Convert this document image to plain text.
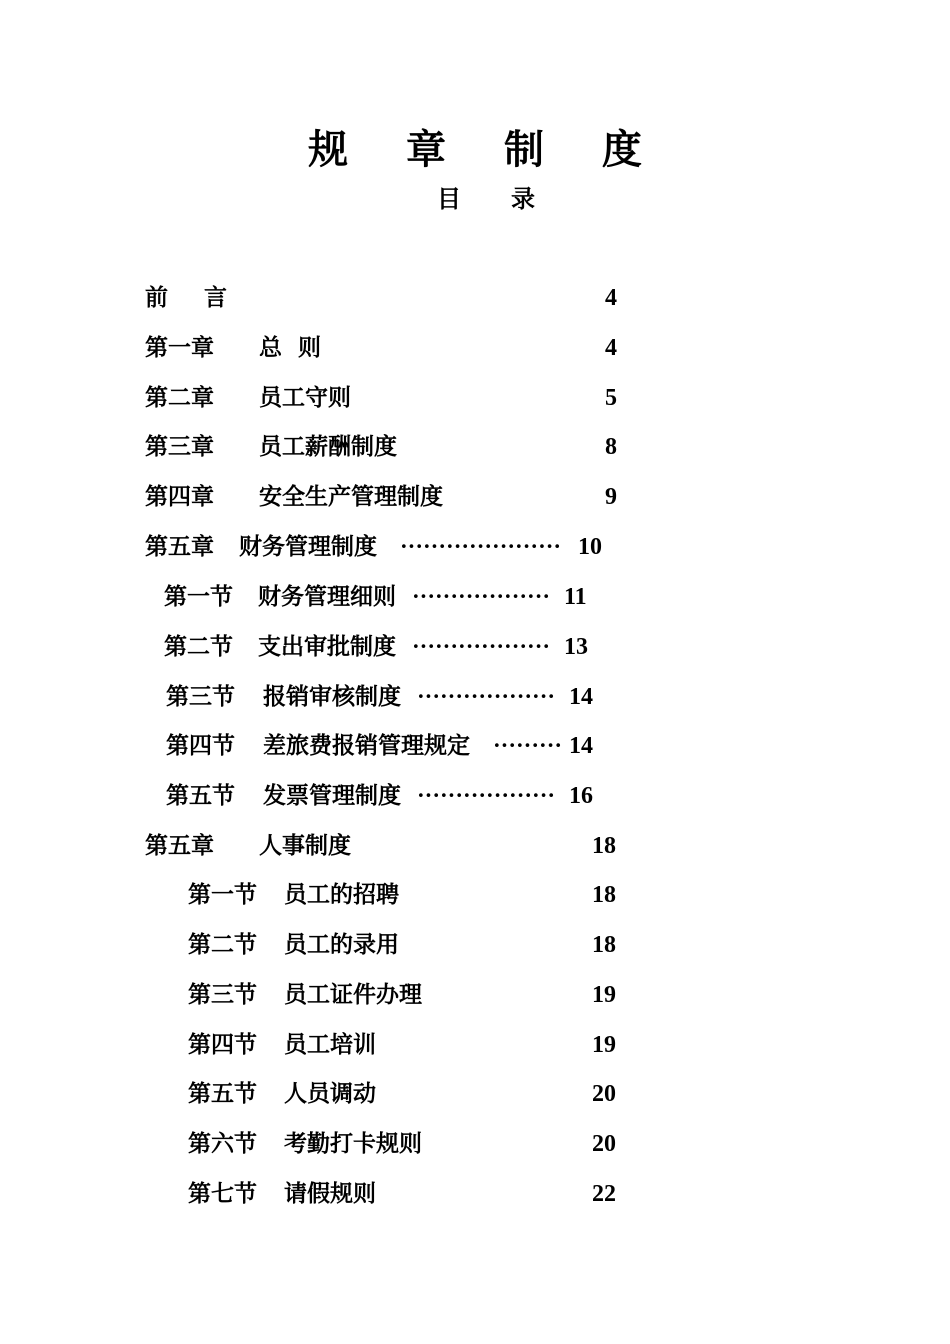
规 章 制 度
目 录
前 言	4
第一章 总  则	4
第二章 员工守则	5
第三章 员工薪酬制度	8
第四章 安全生产管理制度	9
第五章 财务管理制度 ····················· 10
第一节 财务管理细则 ·················· 11
第二节 支出审批制度 ·················· 13
第三节 报销审核制度 ·················· 14
第四节 差旅费报销管理规定 ········· 14
第五节 发票管理制度 ·················· 16
第五章 人事制度	18
第一节 员工的招聘	18
第二节 员工的录用	18
第三节 员工证件办理	19
第四节 员工培训	19
第五节 人员调动	20
第六节 考勤打卡规则	20
第七节 请假规则	22
